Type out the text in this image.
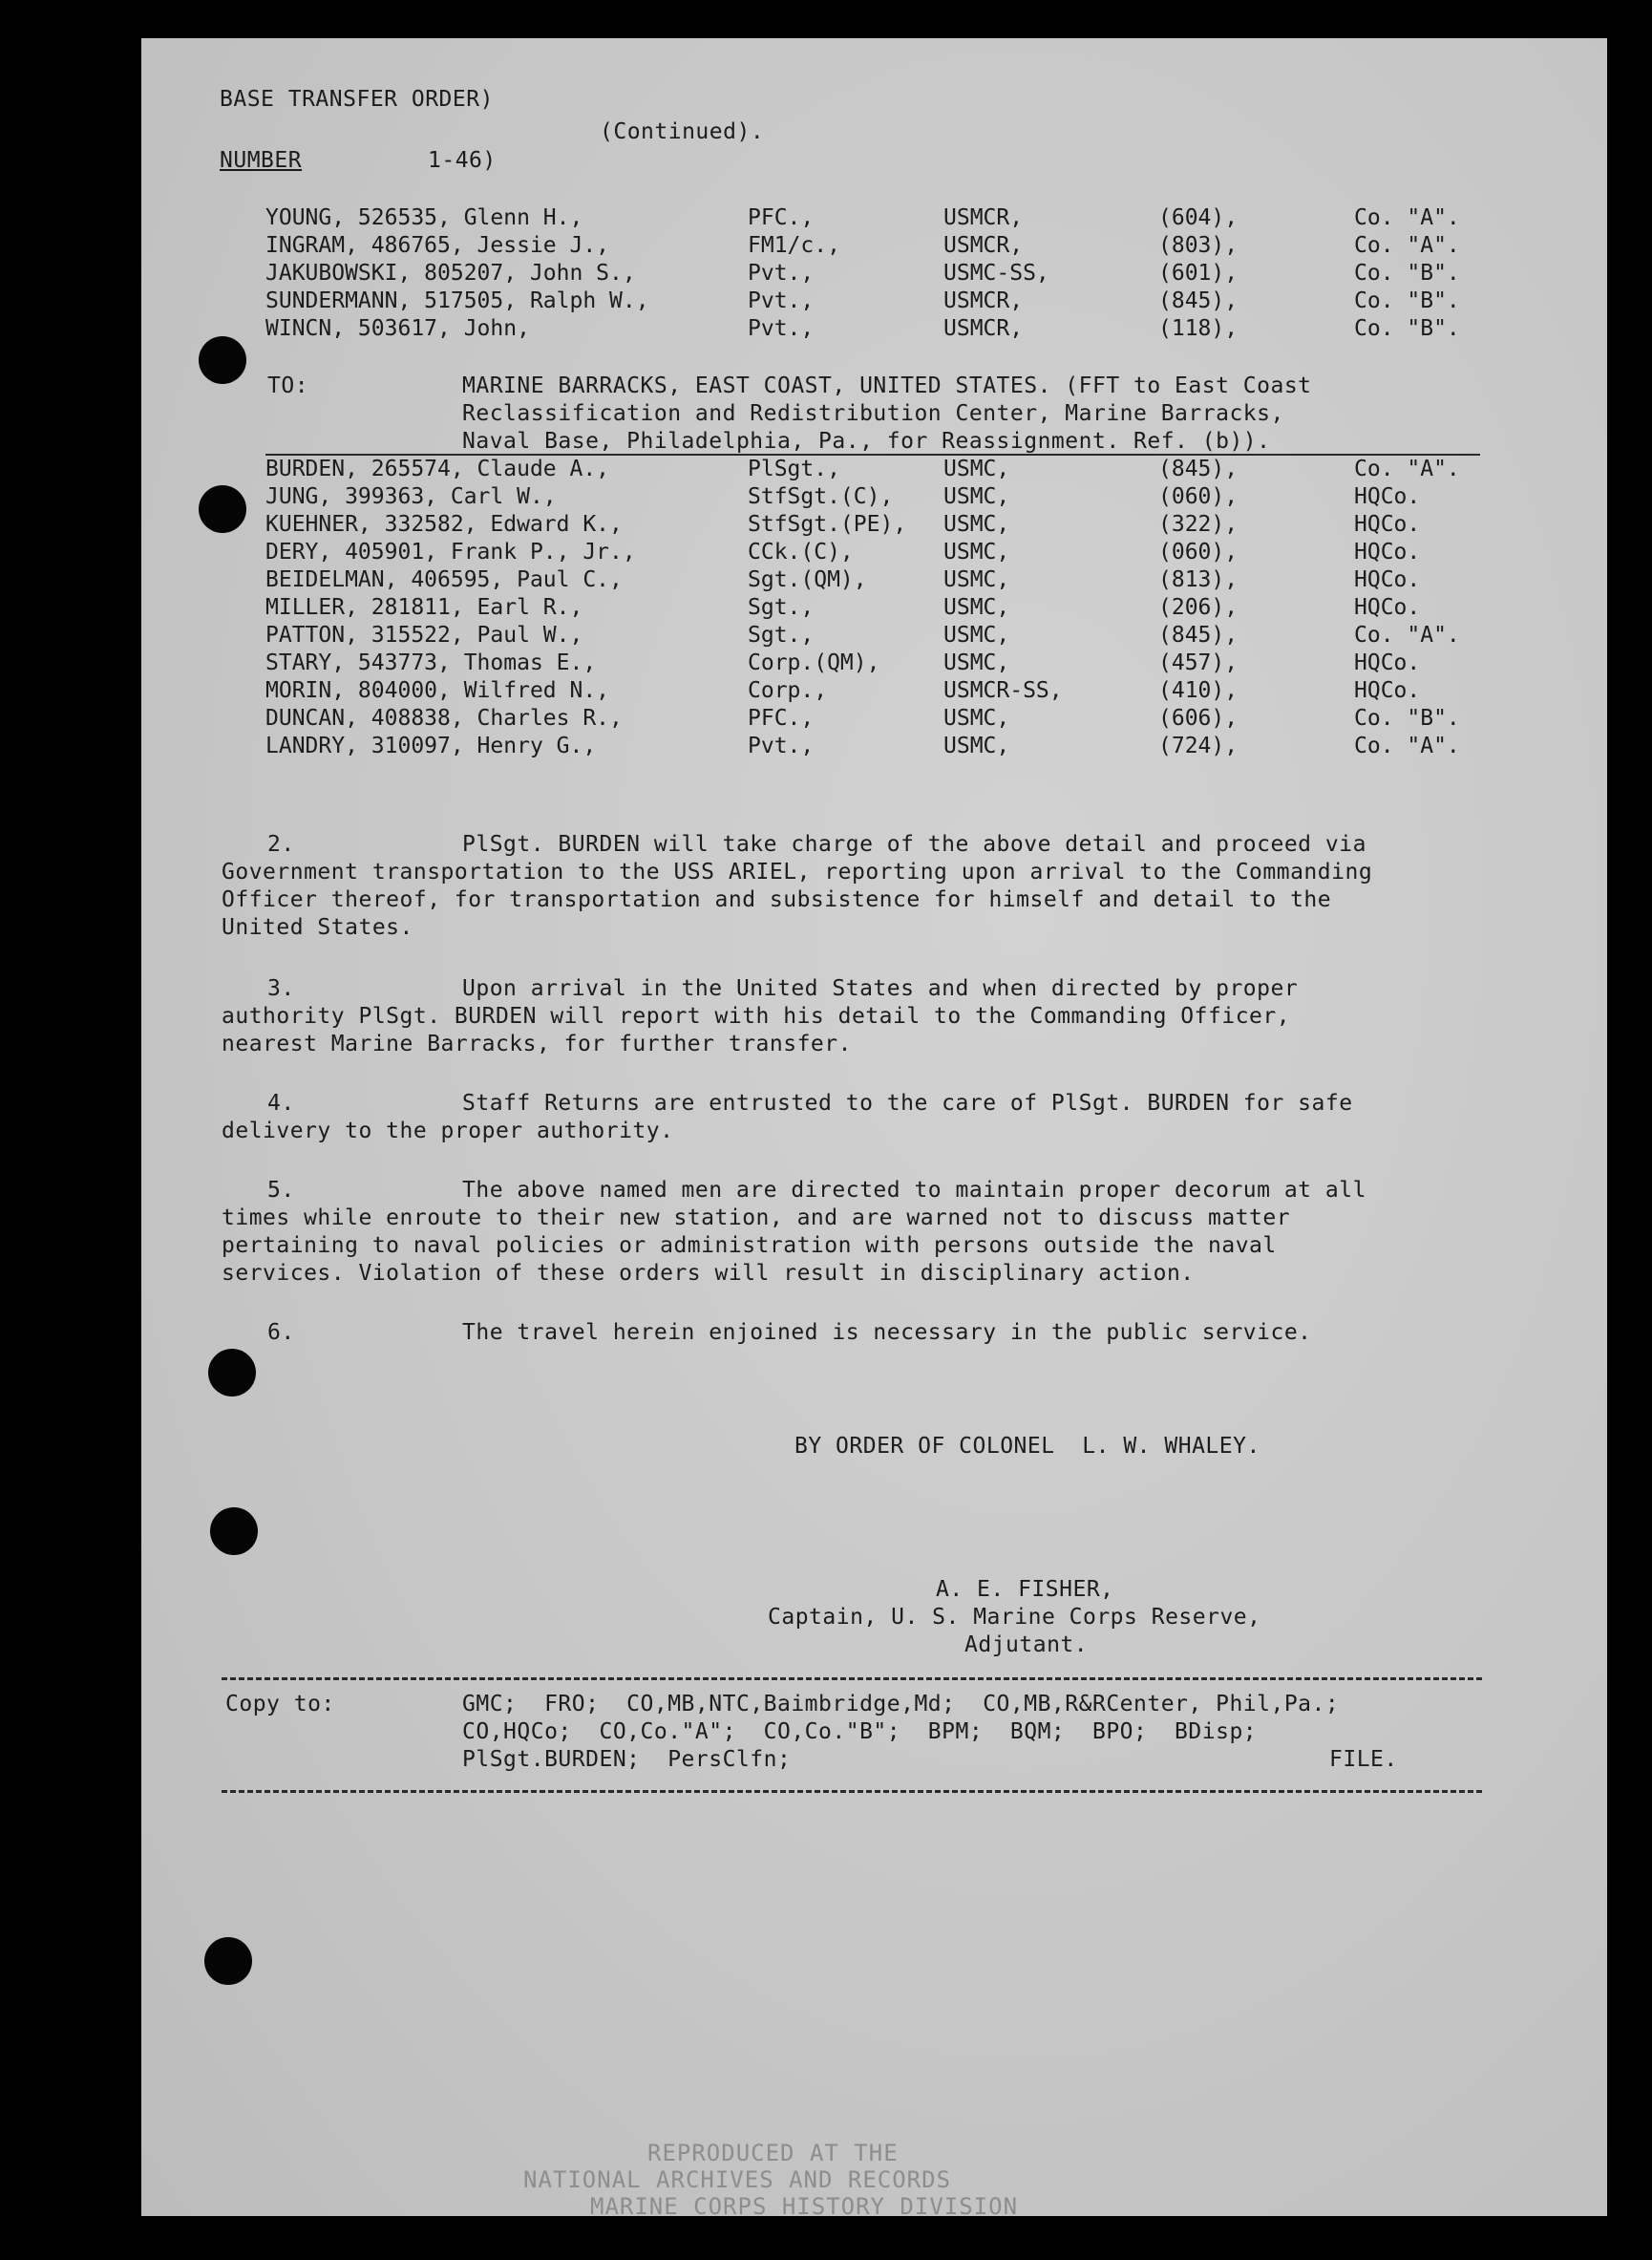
BASE TRANSFER ORDER)
(Continued).
NUMBER	1-46)
YOUNG, 526535, Glenn H.,	PFC.,	USMCR,	(604),	Co. "A".
INGRAM, 486765, Jessie J.,	FM1/c.,	USMCR,	(803),	Co. "A".
JAKUBOWSKI, 805207, John S.,	Pvt.,	USMC-SS,	(601),	Co. "B".
SUNDERMANN, 517505, Ralph W.,	Pvt.,	USMCR,	(845),	Co. "B".
WINCN, 503617, John,	Pvt.,	USMCR,	(118),	Co. "B".
TO:	MARINE BARRACKS, EAST COAST, UNITED STATES. (FFT to East Coast
Reclassification and Redistribution Center, Marine Barracks,
Naval Base, Philadelphia, Pa., for Reassignment. Ref. (b)).
BURDEN, 265574, Claude A.,	PlSgt.,	USMC,	(845),	Co. "A".
JUNG, 399363, Carl W.,	StfSgt.(C), USMC,	(060),	HQCo.
KUEHNER, 332582, Edward K.,	StfSgt.(PE), USMC,	(322),	HQCo.
DERY, 405901, Frank P., Jr.,	CCk.(C),	USMC,	(060),	HQCo.
BEIDELMAN, 406595, Paul C.,	Sgt.(QM),	USMC,	(813),	HQCo.
MILLER, 281811, Earl R.,	Sgt.,	USMC,	(206),	HQCo.
PATTON, 315522, Paul W.,	Sgt.,	USMC,	(845),	Co. "A".
STARY, 543773, Thomas E.,	Corp.(QM),	USMC,	(457),	HQCo.
MORIN, 804000, Wilfred N.,	Corp.,	USMCR-SS,	(410),	HQCo.
DUNCAN, 408838, Charles R.,	PFC.,	USMC,	(606),	Co. "B".
LANDRY, 310097, Henry G.,	Pvt.,	USMC,	(724),	Co. "A".
2.	PlSgt. BURDEN will take charge of the above detail and proceed via
Government transportation to the USS ARIEL, reporting upon arrival to the Commanding
Officer thereof, for transportation and subsistence for himself and detail to the
United States.
3.	Upon arrival in the United States and when directed by proper
authority PlSgt. BURDEN will report with his detail to the Commanding Officer,
nearest Marine Barracks, for further transfer.
4.	Staff Returns are entrusted to the care of PlSgt. BURDEN for safe
delivery to the proper authority.
5.	The above named men are directed to maintain proper decorum at all
times while enroute to their new station, and are warned not to discuss matter
pertaining to naval policies or administration with persons outside the naval
services. Violation of these orders will result in disciplinary action.
6.	The travel herein enjoined is necessary in the public service.
BY ORDER OF COLONEL  L. W. WHALEY.
A. E. FISHER,
Captain, U. S. Marine Corps Reserve,
Adjutant.
Copy to:	GMC;  FRO;  CO,MB,NTC,Baimbridge,Md;  CO,MB,R&RCenter, Phil,Pa.;
CO,HQCo;  CO,Co."A";  CO,Co."B";  BPM;  BQM;  BPO;  BDisp;
PlSgt.BURDEN;  PersClfn;	FILE.
REPRODUCED AT THE
NATIONAL ARCHIVES AND RECORDS
MARINE CORPS HISTORY DIVISION
